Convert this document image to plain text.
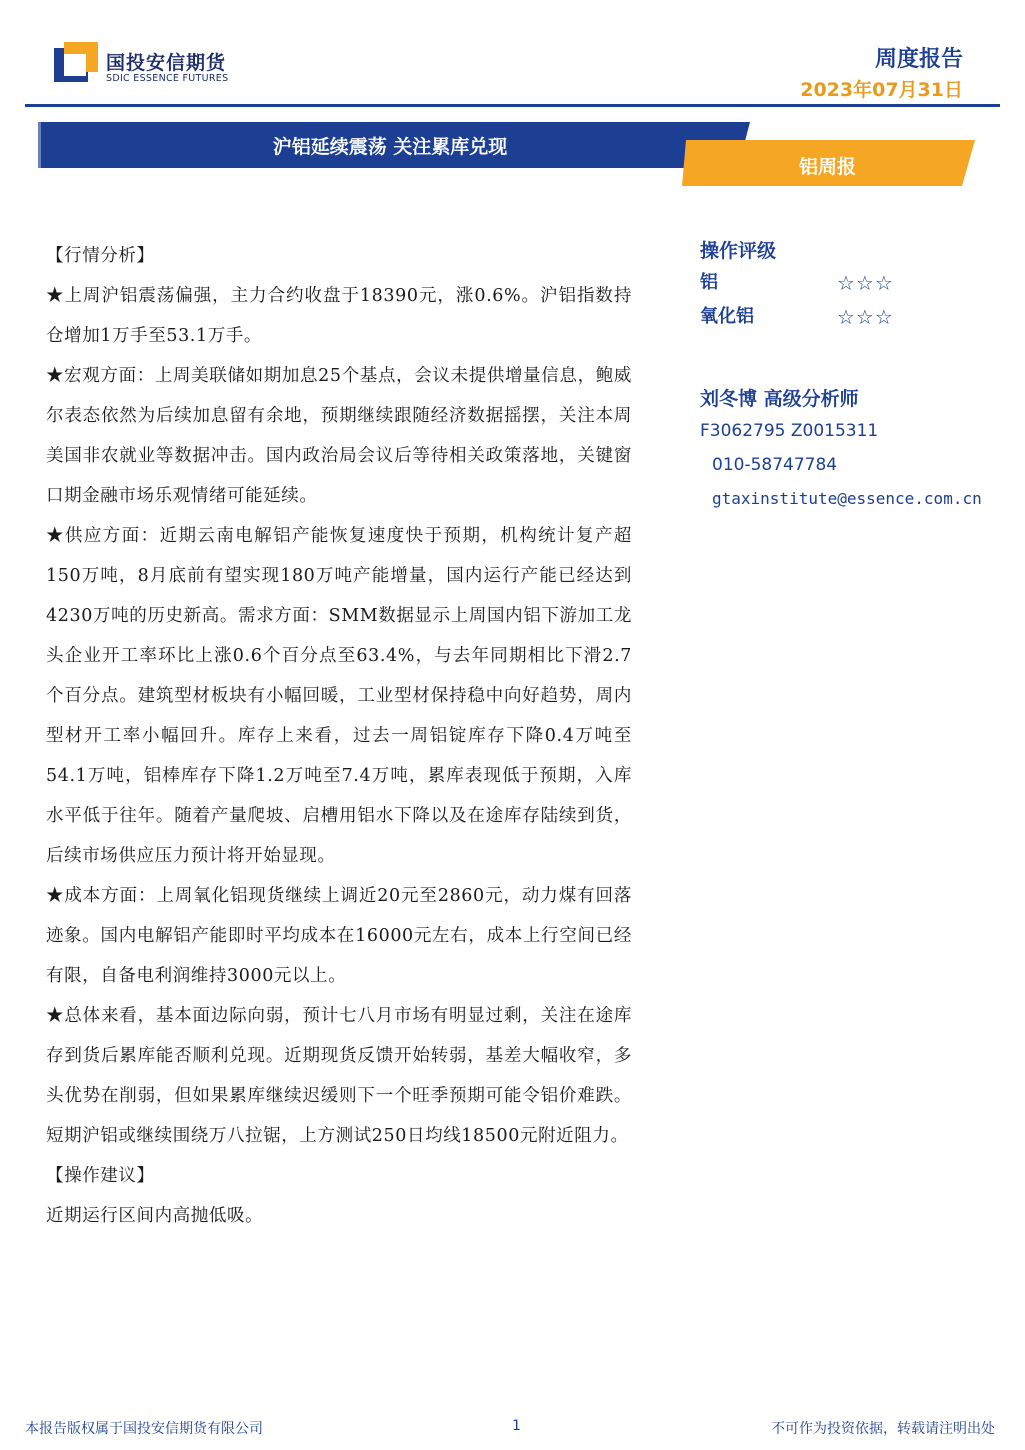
国投安信期货
SDIC ESSENCE FUTURES
周度报告
2023年07月31日
沪铝延续震荡 关注累库兑现
铝周报

【行情分析】

★上周沪铝震荡偏强，主力合约收盘于18390元，涨0.6%。沪铝指数持仓增加1万手至53.1万手。

★宏观方面：上周美联储如期加息25个基点，会议未提供增量信息，鲍威尔表态依然为后续加息留有余地，预期继续跟随经济数据摇摆，关注本周美国非农就业等数据冲击。国内政治局会议后等待相关政策落地，关键窗口期金融市场乐观情绪可能延续。

★供应方面：近期云南电解铝产能恢复速度快于预期，机构统计复产超150万吨，8月底前有望实现180万吨产能增量，国内运行产能已经达到4230万吨的历史新高。需求方面：SMM数据显示上周国内铝下游加工龙头企业开工率环比上涨0.6个百分点至63.4%，与去年同期相比下滑2.7个百分点。建筑型材板块有小幅回暖，工业型材保持稳中向好趋势，周内型材开工率小幅回升。库存上来看，过去一周铝锭库存下降0.4万吨至54.1万吨，铝棒库存下降1.2万吨至7.4万吨，累库表现低于预期，入库水平低于往年。随着产量爬坡、启槽用铝水下降以及在途库存陆续到货，后续市场供应压力预计将开始显现。

★成本方面：上周氧化铝现货继续上调近20元至2860元，动力煤有回落迹象。国内电解铝产能即时平均成本在16000元左右，成本上行空间已经有限，自备电利润维持3000元以上。

★总体来看，基本面边际向弱，预计七八月市场有明显过剩，关注在途库存到货后累库能否顺利兑现。近期现货反馈开始转弱，基差大幅收窄，多头优势在削弱，但如果累库继续迟缓则下一个旺季预期可能令铝价难跌。短期沪铝或继续围绕万八拉锯，上方测试250日均线18500元附近阻力。

【操作建议】

近期运行区间内高抛低吸。

操作评级
铝	☆☆☆
氧化铝	☆☆☆
刘冬博 高级分析师
F3062795 Z0015311
010-58747784
gtaxinstitute@essence.com.cn
本报告版权属于国投安信期货有限公司	1	不可作为投资依据，转载请注明出处
